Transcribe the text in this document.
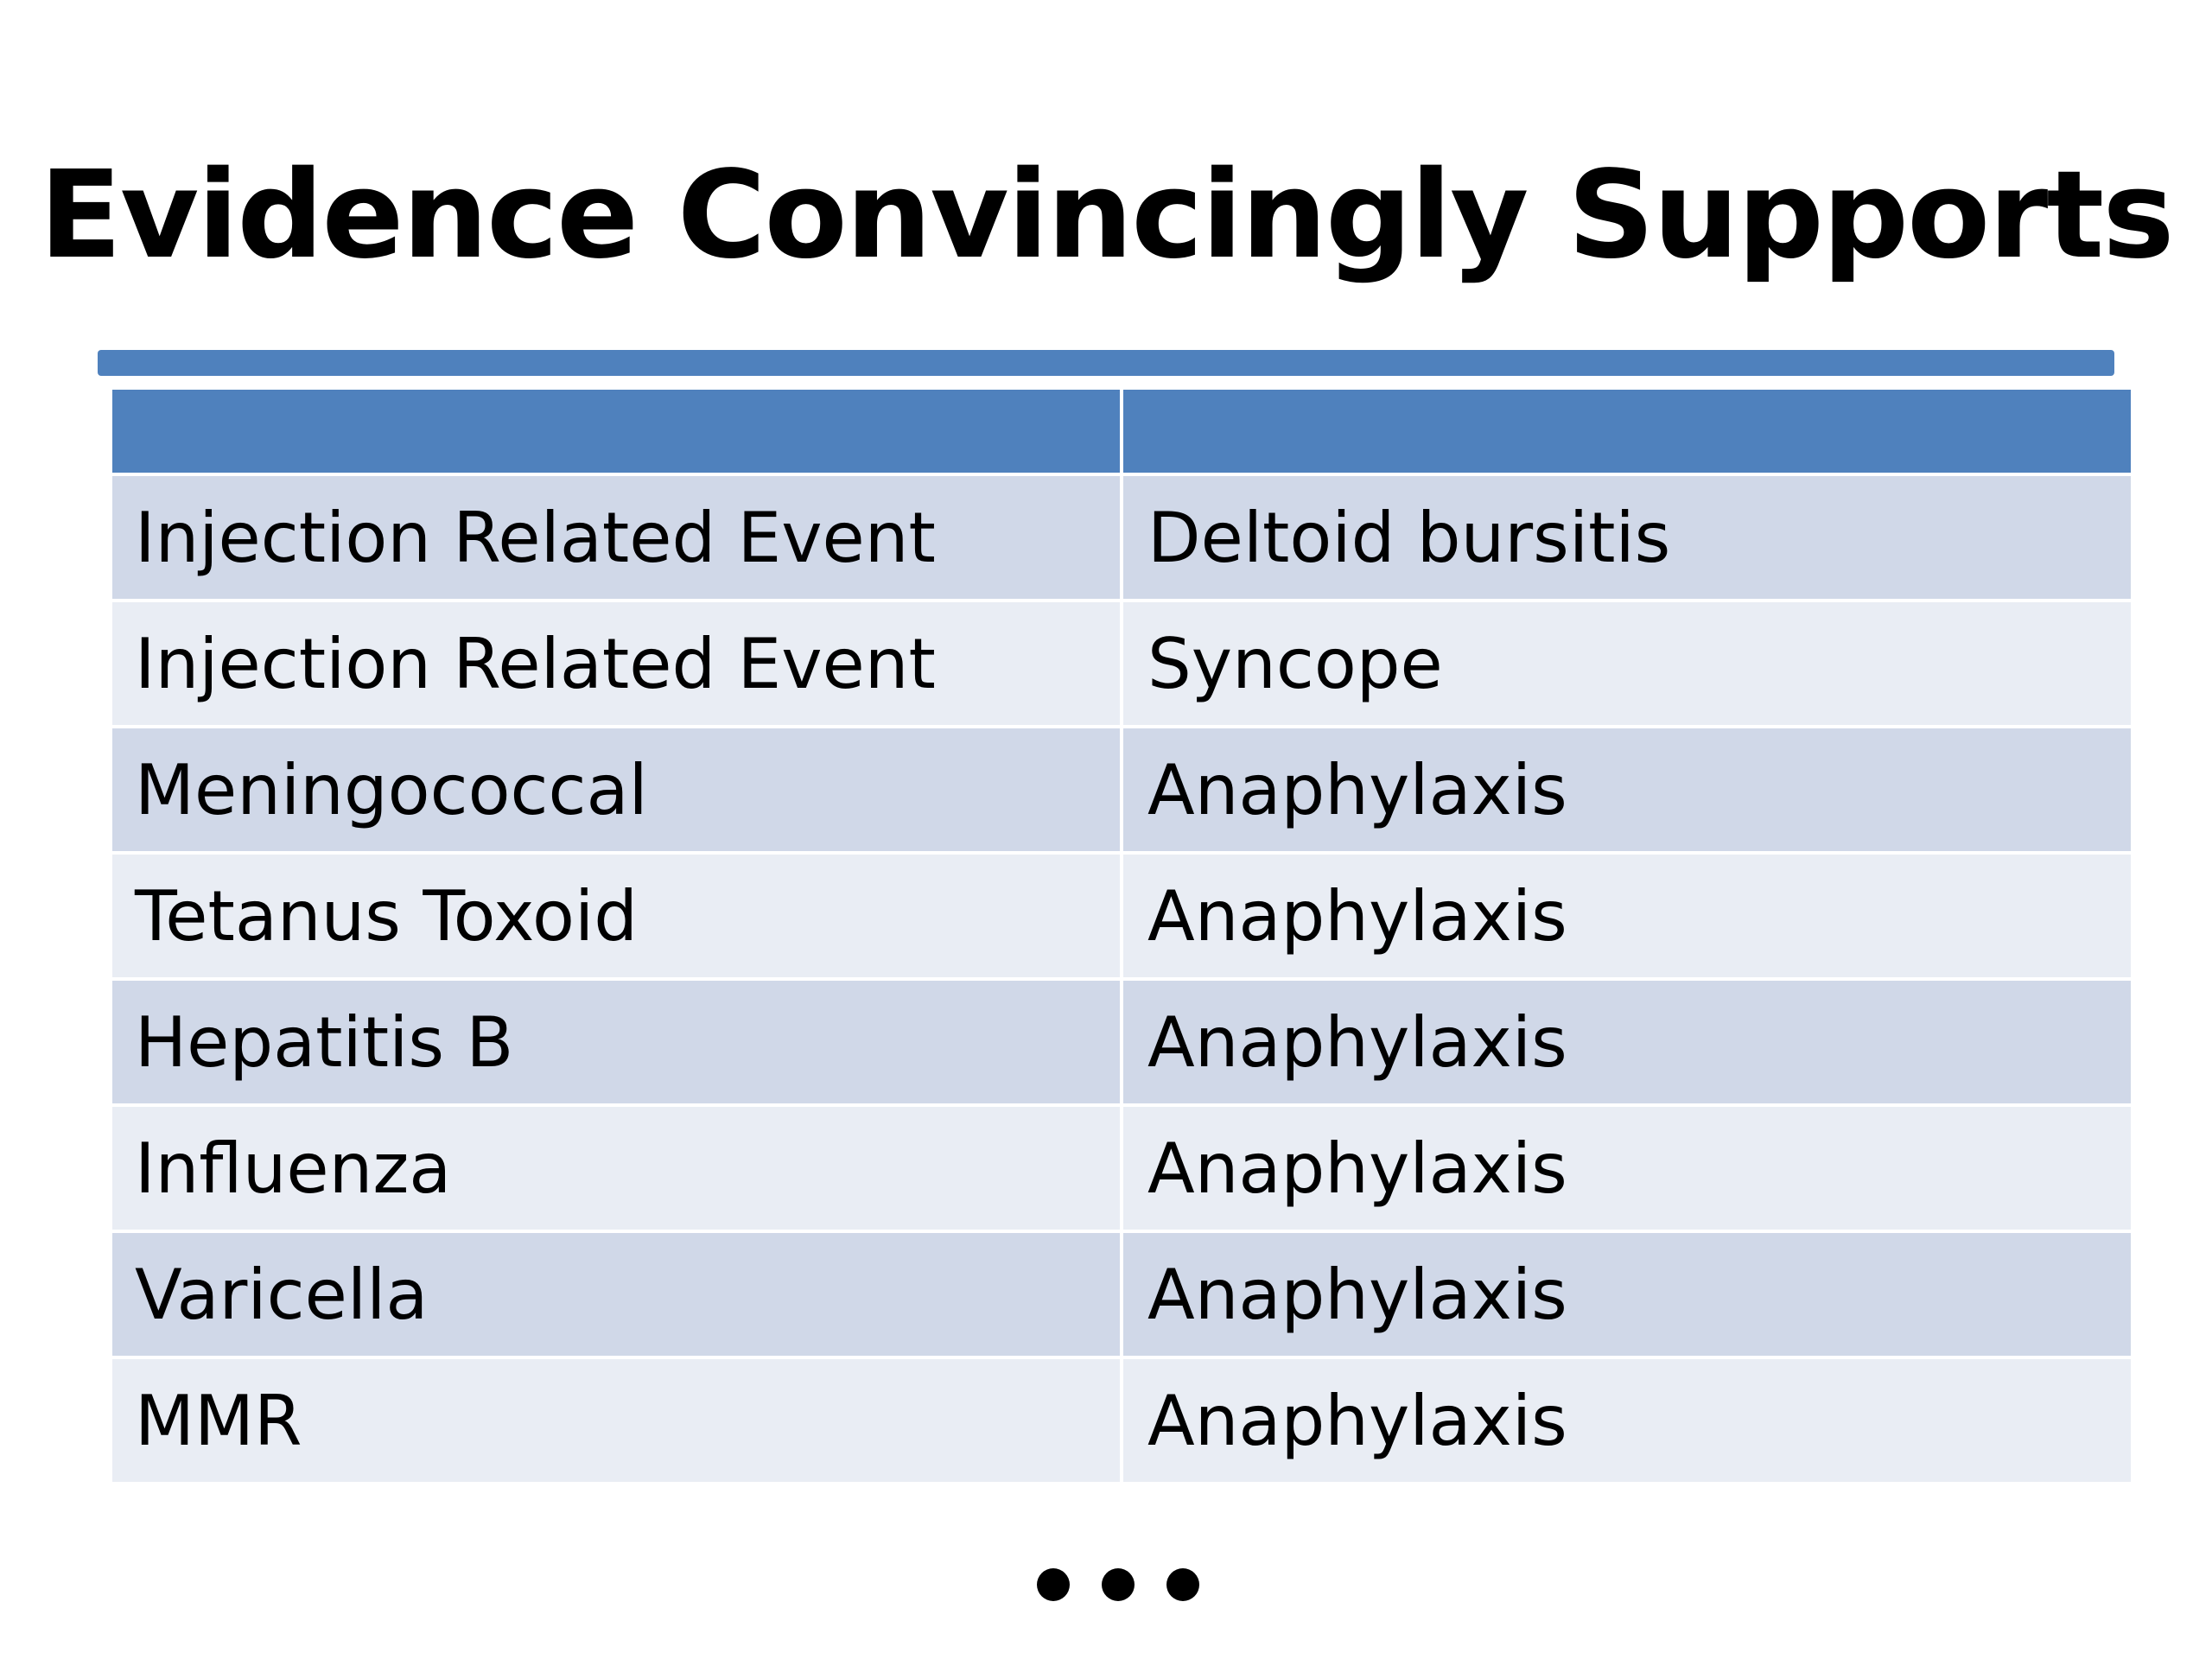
Evidence Convincingly Supports
Injection Related Event	Deltoid bursitis
Injection Related Event	Syncope
Meningococcal	Anaphylaxis
Tetanus Toxoid	Anaphylaxis
Hepatitis B	Anaphylaxis
Influenza	Anaphylaxis
Varicella	Anaphylaxis
MMR	Anaphylaxis
